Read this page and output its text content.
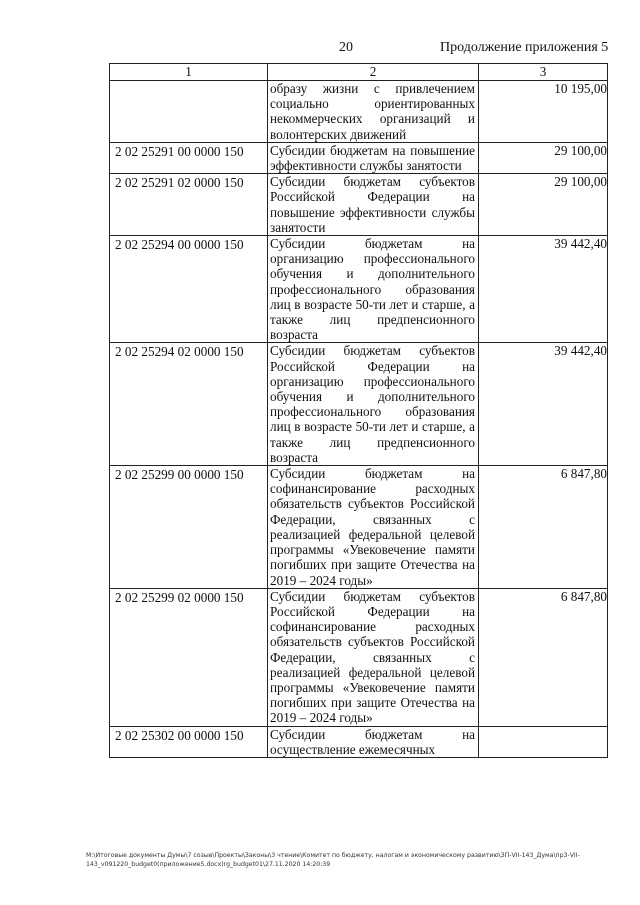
20	Продолжение приложения 5
1	2	3

	образу жизни с привлечением социально ориентированных некоммерческих организаций и волонтерских движений	10 195,00

2 02 25291 00 0000 150	Субсидии бюджетам на повышение эффективности службы занятости	29 100,00

2 02 25291 02 0000 150	Субсидии бюджетам субъектов Российской Федерации на повышение эффективности службы занятости	29 100,00

2 02 25294 00 0000 150	Субсидии бюджетам на организацию профессионального обучения и дополнительного профессионального образования лиц в возрасте 50-ти лет и старше, а также лиц предпенсионного возраста	39 442,40

2 02 25294 02 0000 150	Субсидии бюджетам субъектов Российской Федерации на организацию профессионального обучения и дополнительного профессионального образования лиц в возрасте 50-ти лет и старше, а также лиц предпенсионного возраста	39 442,40

2 02 25299 00 0000 150	Субсидии бюджетам на софинансирование расходных обязательств субъектов Российской Федерации, связанных с реализацией федеральной целевой программы «Увековечение памяти погибших при защите Отечества на 2019 – 2024 годы»	6 847,80

2 02 25299 02 0000 150	Субсидии бюджетам субъектов Российской Федерации на софинансирование расходных обязательств субъектов Российской Федерации, связанных с реализацией федеральной целевой программы «Увековечение памяти погибших при защите Отечества на 2019 – 2024 годы»	6 847,80

2 02 25302 00 0000 150	Субсидии бюджетам на осуществление ежемесячных	

M:\Итоговые документы Думы\7 созыв\Проекты\Законы\3 чтение\Комитет по бюджету, налогам и экономическому развитию\ЗП-VII-143_Дума\пр3-VII-143_v091220_budget0(приложение5.docx)rg_budget01\27.11.2020 14:20:39
